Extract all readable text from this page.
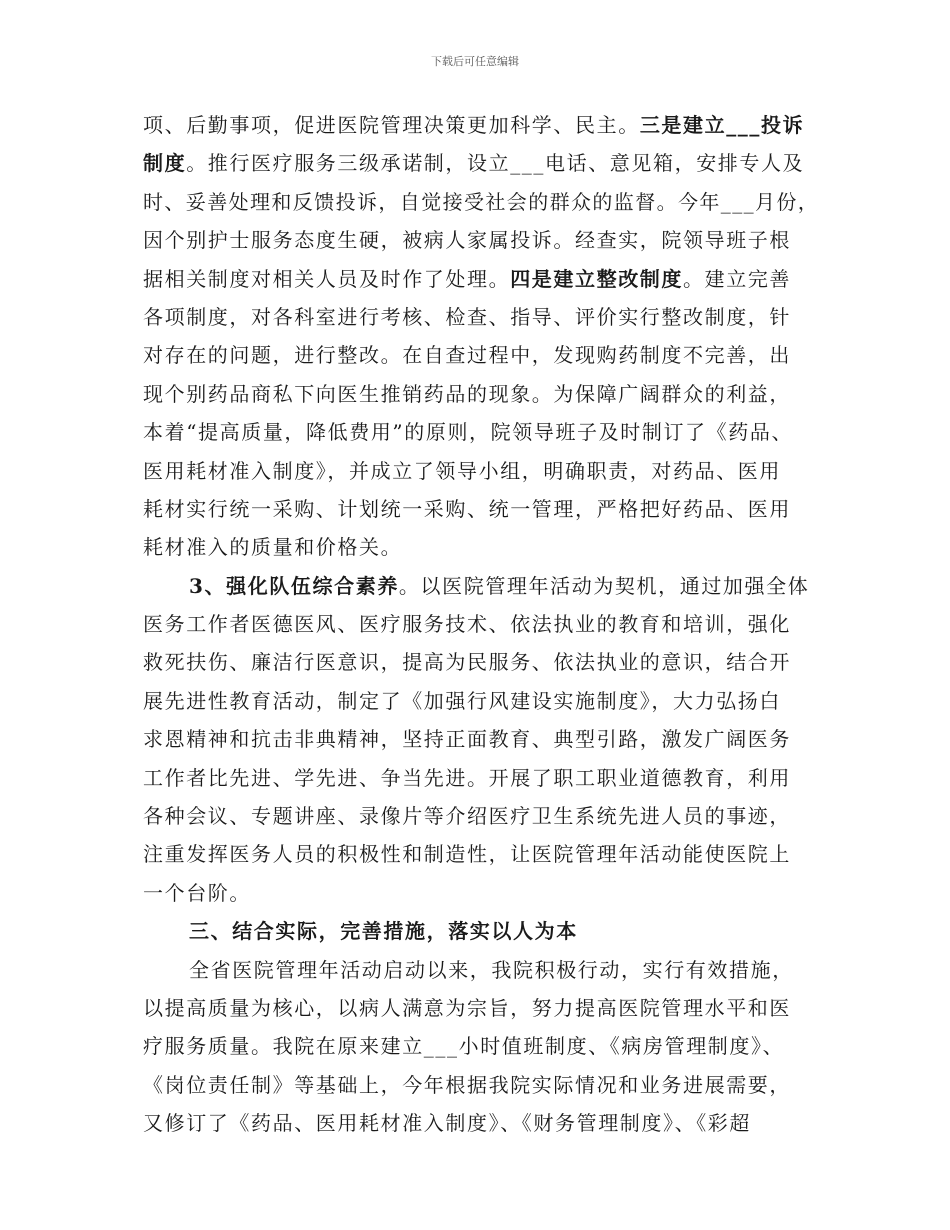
下载后可任意编辑
项、后勤事项，促进医院管理决策更加科学、民主。三是建立___投诉
制度。推行医疗服务三级承诺制，设立___电话、意见箱，安排专人及
时、妥善处理和反馈投诉，自觉接受社会的群众的监督。今年___月份，
因个别护士服务态度生硬，被病人家属投诉。经查实，院领导班子根
据相关制度对相关人员及时作了处理。四是建立整改制度。建立完善
各项制度，对各科室进行考核、检查、指导、评价实行整改制度，针
对存在的问题，进行整改。在自查过程中，发现购药制度不完善，出
现个别药品商私下向医生推销药品的现象。为保障广阔群众的利益，
本着“提高质量，降低费用”的原则，院领导班子及时制订了《药品、
医用耗材准入制度》，并成立了领导小组，明确职责，对药品、医用
耗材实行统一采购、计划统一采购、统一管理，严格把好药品、医用
耗材准入的质量和价格关。
3、强化队伍综合素养。以医院管理年活动为契机，通过加强全体
医务工作者医德医风、医疗服务技术、依法执业的教育和培训，强化
救死扶伤、廉洁行医意识，提高为民服务、依法执业的意识，结合开
展先进性教育活动，制定了《加强行风建设实施制度》，大力弘扬白
求恩精神和抗击非典精神，坚持正面教育、典型引路，激发广阔医务
工作者比先进、学先进、争当先进。开展了职工职业道德教育，利用
各种会议、专题讲座、录像片等介绍医疗卫生系统先进人员的事迹，
注重发挥医务人员的积极性和制造性，让医院管理年活动能使医院上
一个台阶。
三、结合实际，完善措施，落实以人为本
全省医院管理年活动启动以来，我院积极行动，实行有效措施，
以提高质量为核心，以病人满意为宗旨，努力提高医院管理水平和医
疗服务质量。我院在原来建立___小时值班制度、《病房管理制度》、
《岗位责任制》等基础上，今年根据我院实际情况和业务进展需要，
又修订了《药品、医用耗材准入制度》、《财务管理制度》、《彩超
